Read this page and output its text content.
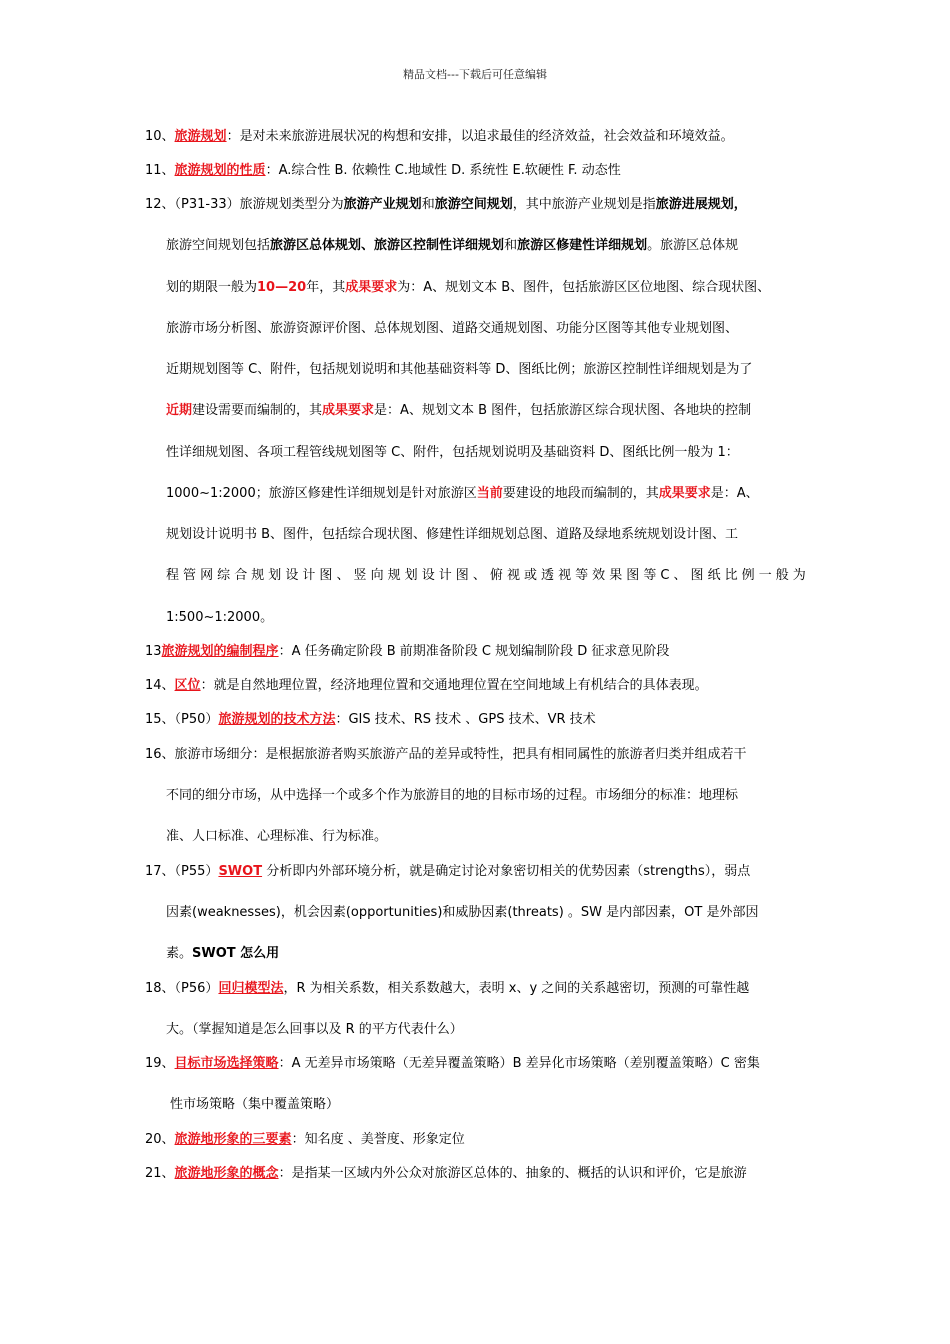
精品文档---下载后可任意编辑
10、旅游规划：是对未来旅游进展状况的构想和安排，以追求最佳的经济效益，社会效益和环境效益。
11、旅游规划的性质：A.综合性 B. 依赖性 C.地域性 D. 系统性 E.软硬性 F. 动态性
12、（P31-33）旅游规划类型分为旅游产业规划和旅游空间规划，其中旅游产业规划是指旅游进展规划，
旅游空间规划包括旅游区总体规划、旅游区控制性详细规划和旅游区修建性详细规划。旅游区总体规
划的期限一般为10—20年，其成果要求为：A、规划文本 B、图件，包括旅游区区位地图、综合现状图、
旅游市场分析图、旅游资源评价图、总体规划图、道路交通规划图、功能分区图等其他专业规划图、
近期规划图等 C、附件，包括规划说明和其他基础资料等 D、图纸比例；旅游区控制性详细规划是为了
近期建设需要而编制的，其成果要求是：A、规划文本 B 图件，包括旅游区综合现状图、各地块的控制
性详细规划图、各项工程管线规划图等 C、附件，包括规划说明及基础资料 D、图纸比例一般为 1：
1000~1:2000；旅游区修建性详细规划是针对旅游区当前要建设的地段而编制的，其成果要求是：A、
规划设计说明书 B、图件，包括综合现状图、修建性详细规划总图、道路及绿地系统规划设计图、工
程 管 网 综 合 规 划 设 计 图 、 竖 向 规 划 设 计 图 、 俯 视 或 透 视 等 效 果 图 等 C 、 图 纸 比 例 一 般 为
1:500~1:2000。
13旅游规划的编制程序：A 任务确定阶段 B 前期准备阶段 C 规划编制阶段 D 征求意见阶段
14、区位：就是自然地理位置，经济地理位置和交通地理位置在空间地域上有机结合的具体表现。
15、（P50）旅游规划的技术方法：GIS 技术、RS 技术 、GPS 技术、VR 技术
16、旅游市场细分：是根据旅游者购买旅游产品的差异或特性，把具有相同属性的旅游者归类并组成若干
不同的细分市场，从中选择一个或多个作为旅游目的地的目标市场的过程。市场细分的标准：地理标
准、人口标准、心理标准、行为标准。
17、（P55）SWOT 分析即内外部环境分析，就是确定讨论对象密切相关的优势因素（strengths），弱点
因素(weaknesses)，机会因素(opportunities)和威胁因素(threats) 。SW 是内部因素，OT 是外部因
素。SWOT 怎么用
18、（P56）回归模型法，R 为相关系数，相关系数越大，表明 x、y 之间的关系越密切，预测的可靠性越
大。（掌握知道是怎么回事以及 R 的平方代表什么）
19、目标市场选择策略：A 无差异市场策略（无差异覆盖策略）B 差异化市场策略（差别覆盖策略）C 密集
性市场策略（集中覆盖策略）
20、旅游地形象的三要素：知名度 、美誉度、形象定位
21、旅游地形象的概念：是指某一区域内外公众对旅游区总体的、抽象的、概括的认识和评价，它是旅游
